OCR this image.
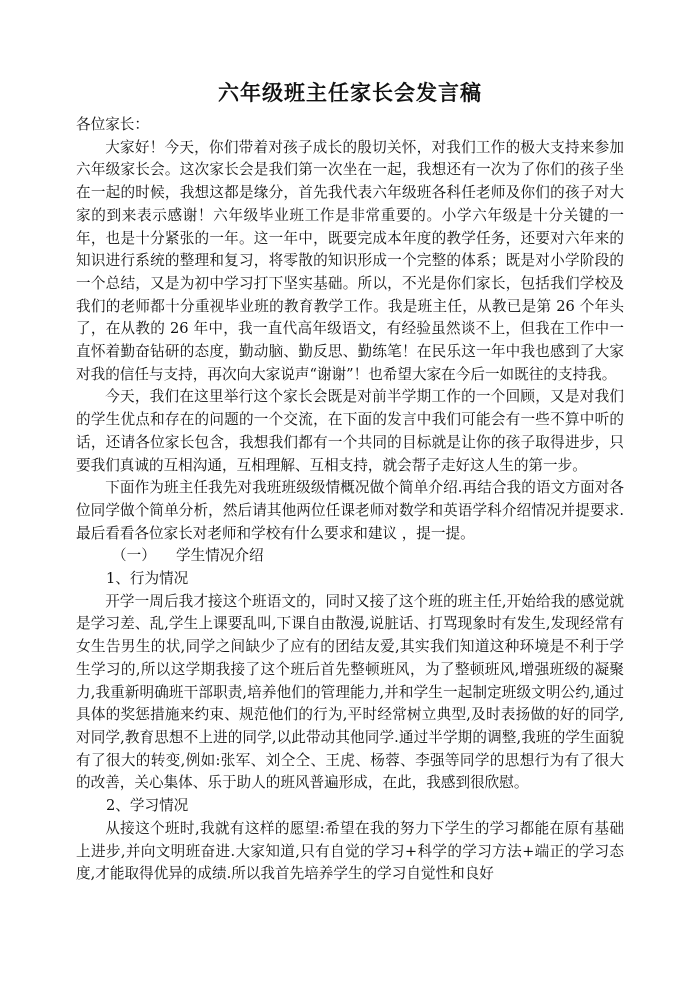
六年级班主任家长会发言稿

各位家长：

大家好！今天，你们带着对孩子成长的殷切关怀，对我们工作的极大支持来参加六年级家长会。这次家长会是我们第一次坐在一起，我想还有一次为了你们的孩子坐在一起的时候，我想这都是缘分，首先我代表六年级班各科任老师及你们的孩子对大家的到来表示感谢！六年级毕业班工作是非常重要的。小学六年级是十分关键的一年，也是十分紧张的一年。这一年中，既要完成本年度的教学任务，还要对六年来的知识进行系统的整理和复习，将零散的知识形成一个完整的体系；既是对小学阶段的一个总结，又是为初中学习打下坚实基础。所以，不光是你们家长，包括我们学校及我们的老师都十分重视毕业班的教育教学工作。我是班主任，从教已是第 26 个年头了，在从教的 26 年中，我一直代高年级语文，有经验虽然谈不上，但我在工作中一直怀着勤奋钻研的态度，勤动脑、勤反思、勤练笔！在民乐这一年中我也感到了大家对我的信任与支持，再次向大家说声“谢谢”！也希望大家在今后一如既往的支持我。

今天，我们在这里举行这个家长会既是对前半学期工作的一个回顾，又是对我们的学生优点和存在的问题的一个交流，在下面的发言中我们可能会有一些不算中听的话，还请各位家长包含，我想我们都有一个共同的目标就是让你的孩子取得进步，只要我们真诚的互相沟通，互相理解、互相支持，就会帮子走好这人生的第一步。

下面作为班主任我先对我班班级级情概况做个简单介绍.再结合我的语文方面对各位同学做个简单分析，然后请其他两位任课老师对数学和英语学科介绍情况并提要求.最后看看各位家长对老师和学校有什么要求和建议 ，提一提。

（一） 学生情况介绍

1、行为情况

开学一周后我才接这个班语文的，同时又接了这个班的班主任,开始给我的感觉就是学习差、乱,学生上课要乱叫,下课自由散漫,说脏话、打骂现象时有发生,发现经常有女生告男生的状,同学之间缺少了应有的团结友爱,其实我们知道这种环境是不利于学生学习的,所以这学期我接了这个班后首先整顿班风，为了整顿班风,增强班级的凝聚力,我重新明确班干部职责,培养他们的管理能力,并和学生一起制定班级文明公约,通过具体的奖惩措施来约束、规范他们的行为,平时经常树立典型,及时表扬做的好的同学,对同学,教育思想不上进的同学,以此带动其他同学.通过半学期的调整,我班的学生面貌有了很大的转变,例如:张军、刘仝仝、王虎、杨蓉、李强等同学的思想行为有了很大的改善，关心集体、乐于助人的班风普遍形成，在此，我感到很欣慰。

2、学习情况

从接这个班时,我就有这样的愿望:希望在我的努力下学生的学习都能在原有基础上进步,并向文明班奋进.大家知道,只有自觉的学习+科学的学习方法+端正的学习态度,才能取得优异的成绩.所以我首先培养学生的学习自觉性和良好
